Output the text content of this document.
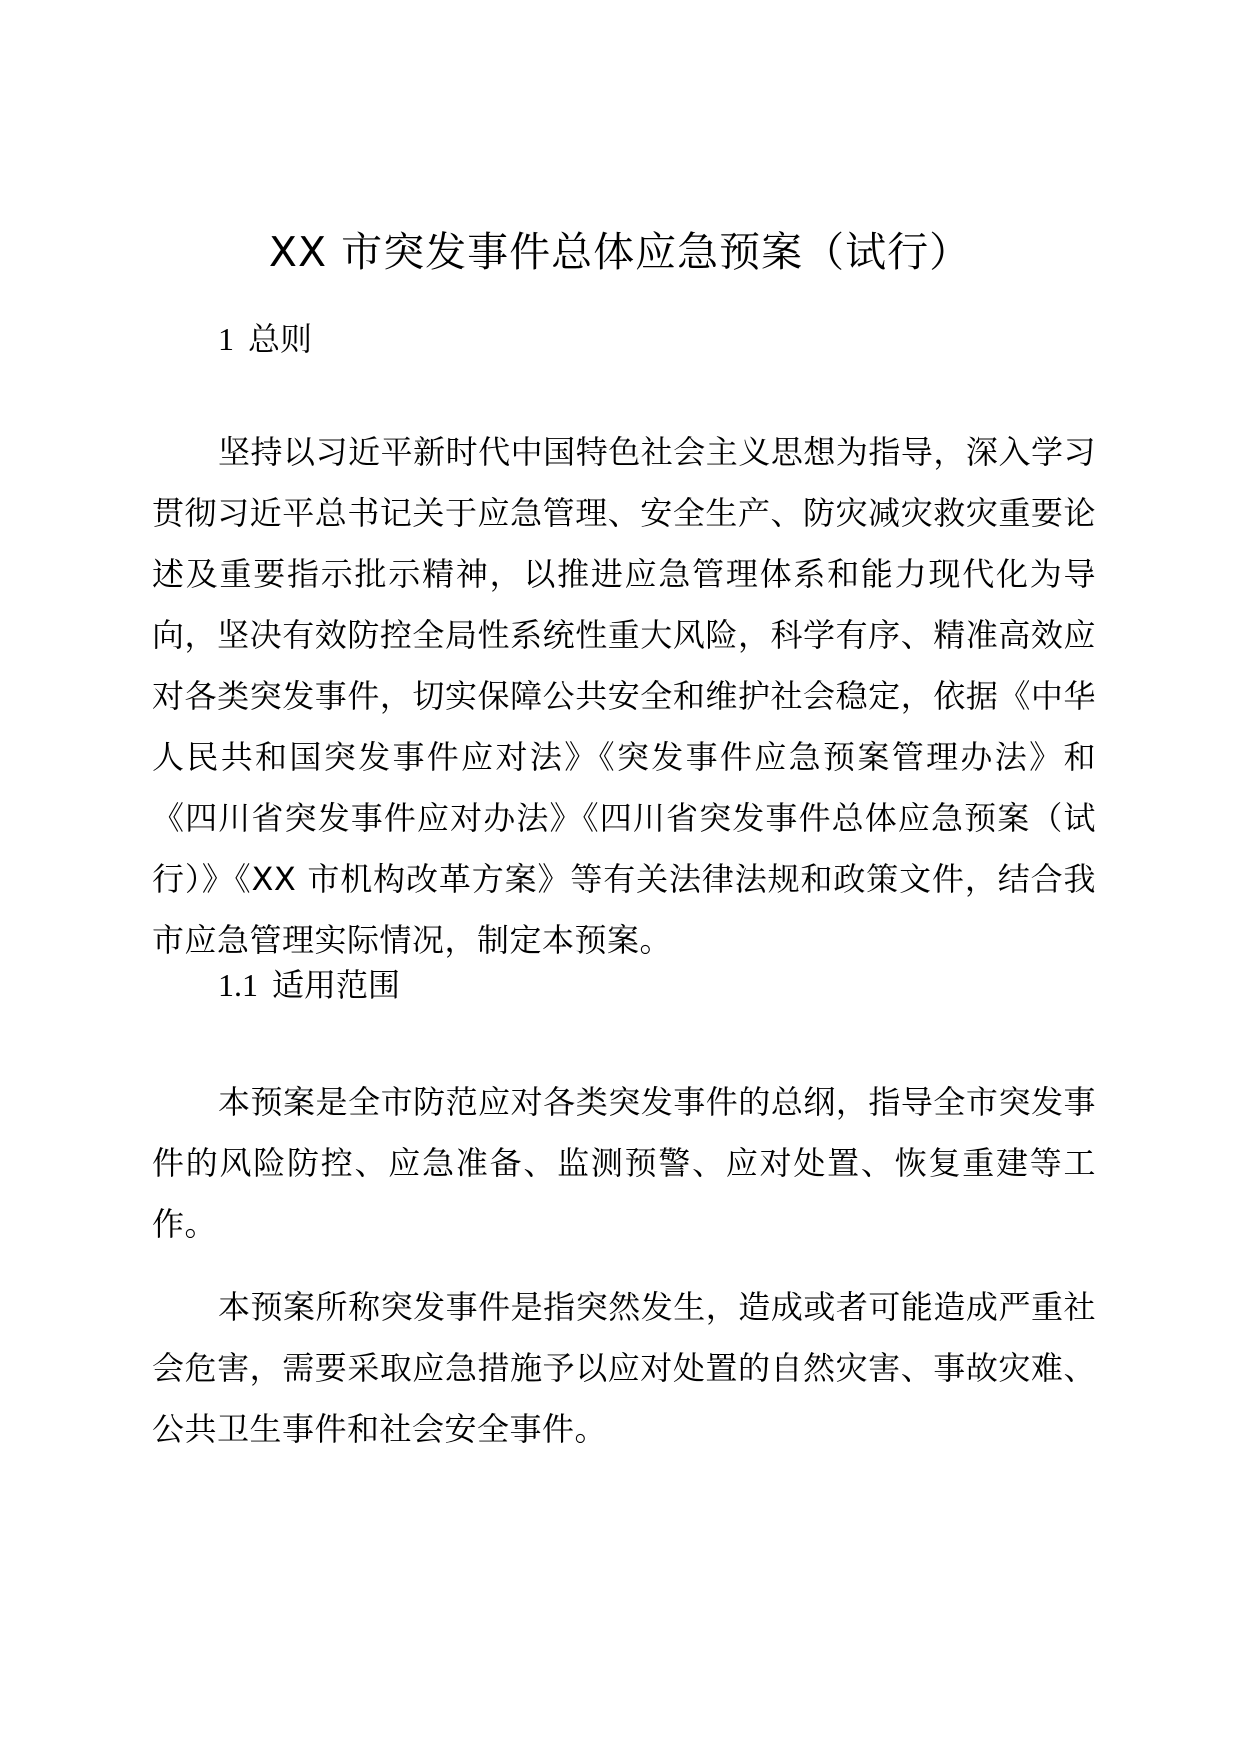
XX 市突发事件总体应急预案（试行）
1 总则

坚持以习近平新时代中国特色社会主义思想为指导，深入学习贯彻习近平总书记关于应急管理、安全生产、防灾减灾救灾重要论述及重要指示批示精神，以推进应急管理体系和能力现代化为导向，坚决有效防控全局性系统性重大风险，科学有序、精准高效应对各类突发事件，切实保障公共安全和维护社会稳定，依据《中华人民共和国突发事件应对法》《突发事件应急预案管理办法》和《四川省突发事件应对办法》《四川省突发事件总体应急预案（试行）》《XX 市机构改革方案》等有关法律法规和政策文件，结合我市应急管理实际情况，制定本预案。

1.1 适用范围

本预案是全市防范应对各类突发事件的总纲，指导全市突发事件的风险防控、应急准备、监测预警、应对处置、恢复重建等工作。

本预案所称突发事件是指突然发生，造成或者可能造成严重社会危害，需要采取应急措施予以应对处置的自然灾害、事故灾难、公共卫生事件和社会安全事件。
